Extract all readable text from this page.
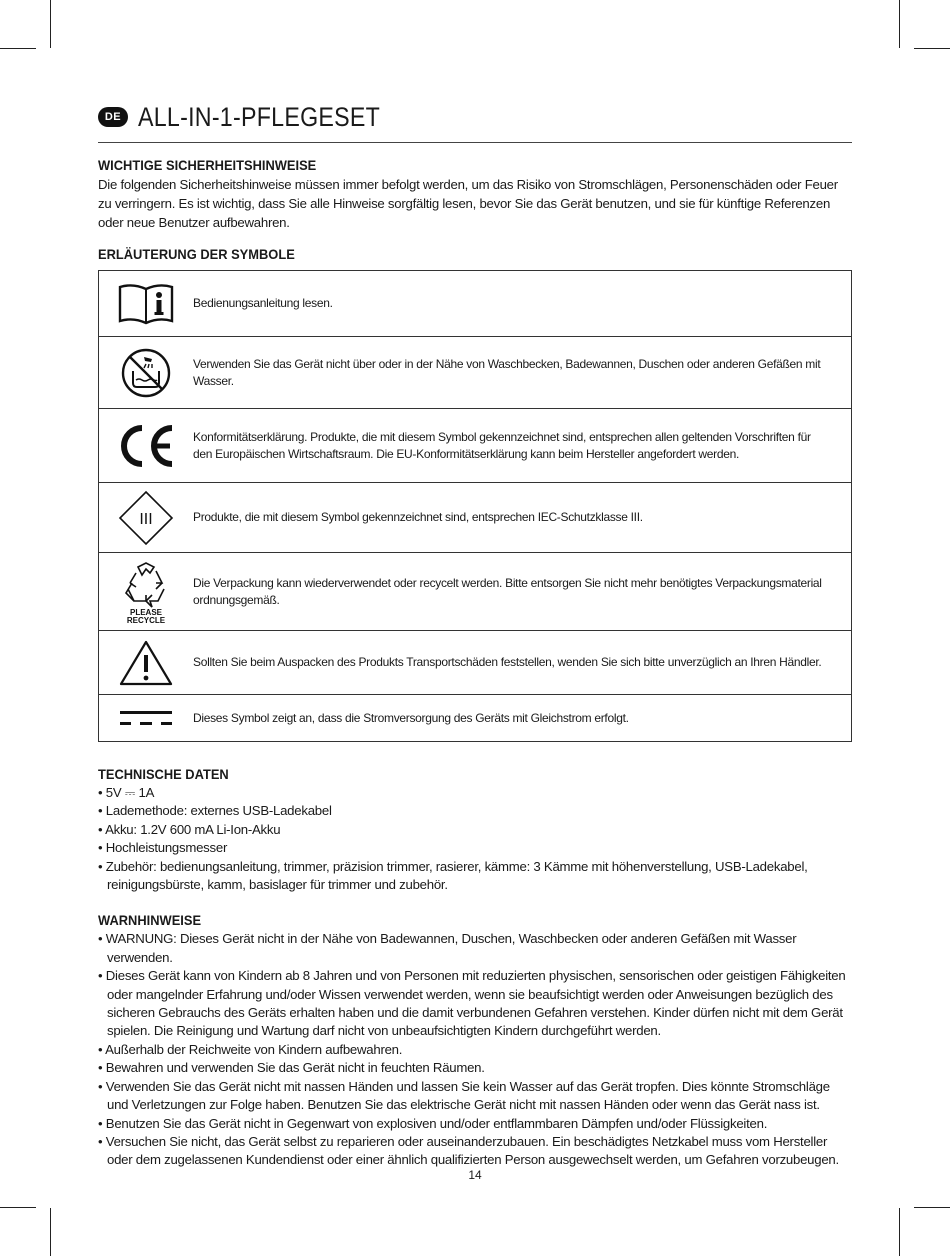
DE ALL-IN-1-PFLEGESET
WICHTIGE SICHERHEITSHINWEISE
Die folgenden Sicherheitshinweise müssen immer befolgt werden, um das Risiko von Stromschlägen, Personenschäden oder Feuer zu verringern. Es ist wichtig, dass Sie alle Hinweise sorgfältig lesen, bevor Sie das Gerät benutzen, und sie für künftige Referenzen oder neue Benutzer aufbewahren.
ERLÄUTERUNG DER SYMBOLE
	Bedienungsanleitung lesen.

	Verwenden Sie das Gerät nicht über oder in der Nähe von Waschbecken, Badewannen, Duschen oder anderen Gefäßen mit Wasser.

	Konformitätserklärung. Produkte, die mit diesem Symbol gekennzeichnet sind, entsprechen allen geltenden Vorschriften für den Europäischen Wirtschaftsraum. Die EU-Konformitätserklärung kann beim Hersteller angefordert werden.

III	Produkte, die mit diesem Symbol gekennzeichnet sind, entsprechen IEC-Schutzklasse III.

PLEASE
RECYCLE	Die Verpackung kann wiederverwendet oder recycelt werden. Bitte entsorgen Sie nicht mehr benötigtes Verpackungsmaterial ordnungsgemäß.

	Sollten Sie beim Auspacken des Produkts Transportschäden feststellen, wenden Sie sich bitte unverzüglich an Ihren Händler.

	Dieses Symbol zeigt an, dass die Stromversorgung des Geräts mit Gleichstrom erfolgt.
TECHNISCHE DATEN
• 5V ⎓ 1A
• Lademethode: externes USB-Ladekabel
• Akku: 1.2V 600 mA Li-Ion-Akku
• Hochleistungsmesser
• Zubehör: bedienungsanleitung, trimmer, präzision trimmer, rasierer, kämme: 3 Kämme mit höhenverstellung, USB-Ladekabel, reinigungsbürste, kamm, basislager für trimmer und zubehör.
WARNHINWEISE
• WARNUNG: Dieses Gerät nicht in der Nähe von Badewannen, Duschen, Waschbecken oder anderen Gefäßen mit Wasser verwenden.
• Dieses Gerät kann von Kindern ab 8 Jahren und von Personen mit reduzierten physischen, sensorischen oder geistigen Fähigkeiten oder mangelnder Erfahrung und/oder Wissen verwendet werden, wenn sie beaufsichtigt werden oder Anweisungen bezüglich des sicheren Gebrauchs des Geräts erhalten haben und die damit verbundenen Gefahren verstehen. Kinder dürfen nicht mit dem Gerät spielen. Die Reinigung und Wartung darf nicht von unbeaufsichtigten Kindern durchgeführt werden.
• Außerhalb der Reichweite von Kindern aufbewahren.
• Bewahren und verwenden Sie das Gerät nicht in feuchten Räumen.
• Verwenden Sie das Gerät nicht mit nassen Händen und lassen Sie kein Wasser auf das Gerät tropfen. Dies könnte Stromschläge und Verletzungen zur Folge haben. Benutzen Sie das elektrische Gerät nicht mit nassen Händen oder wenn das Gerät nass ist.
• Benutzen Sie das Gerät nicht in Gegenwart von explosiven und/oder entflammbaren Dämpfen und/oder Flüssigkeiten.
• Versuchen Sie nicht, das Gerät selbst zu reparieren oder auseinanderzubauen. Ein beschädigtes Netzkabel muss vom Hersteller oder dem zugelassenen Kundendienst oder einer ähnlich qualifizierten Person ausgewechselt werden, um Gefahren vorzubeugen.
14
